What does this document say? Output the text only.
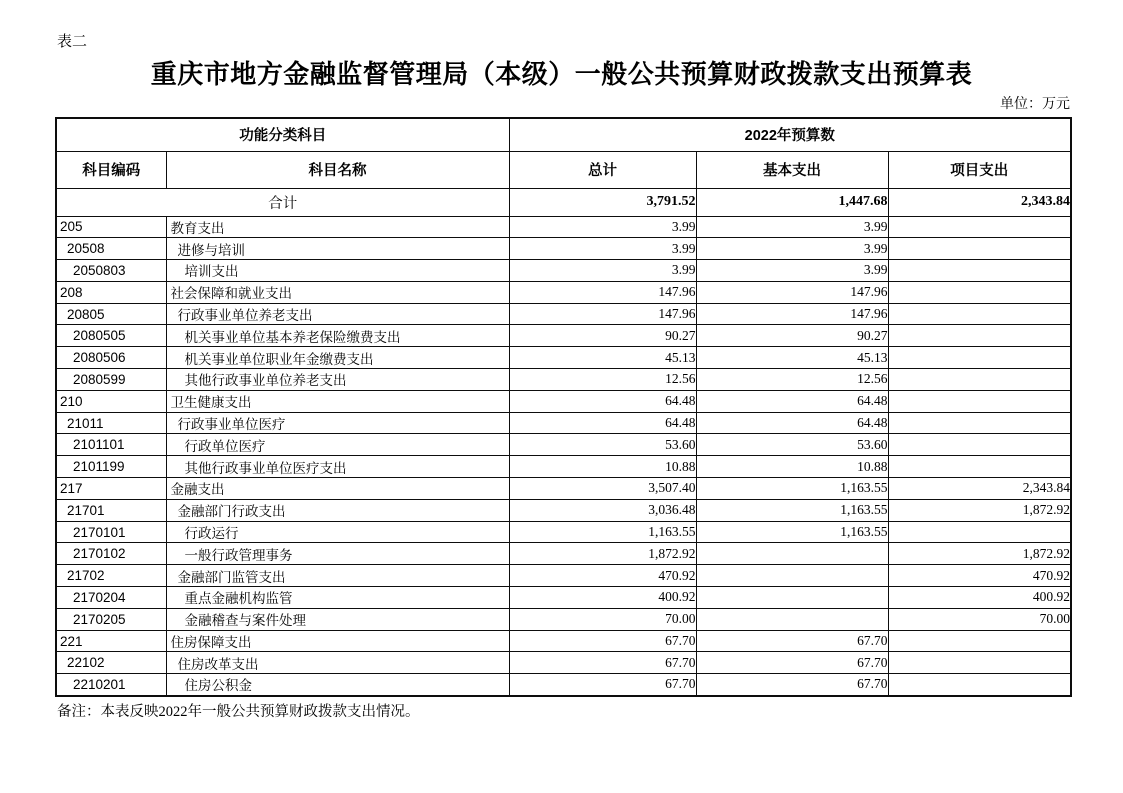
表二
重庆市地方金融监督管理局（本级）一般公共预算财政拨款支出预算表
单位：万元
功能分类科目		2022年预算数		
科目编码	科目名称	总计	基本支出	项目支出
合计		3,791.52	1,447.68	2,343.84
205	教育支出	3.99	3.99	
20508	进修与培训	3.99	3.99	
2050803	培训支出	3.99	3.99	
208	社会保障和就业支出	147.96	147.96	
20805	行政事业单位养老支出	147.96	147.96	
2080505	机关事业单位基本养老保险缴费支出	90.27	90.27	
2080506	机关事业单位职业年金缴费支出	45.13	45.13	
2080599	其他行政事业单位养老支出	12.56	12.56	
210	卫生健康支出	64.48	64.48	
21011	行政事业单位医疗	64.48	64.48	
2101101	行政单位医疗	53.60	53.60	
2101199	其他行政事业单位医疗支出	10.88	10.88	
217	金融支出	3,507.40	1,163.55	2,343.84
21701	金融部门行政支出	3,036.48	1,163.55	1,872.92
2170101	行政运行	1,163.55	1,163.55	
2170102	一般行政管理事务	1,872.92		1,872.92
21702	金融部门监管支出	470.92		470.92
2170204	重点金融机构监管	400.92		400.92
2170205	金融稽查与案件处理	70.00		70.00
221	住房保障支出	67.70	67.70	
22102	住房改革支出	67.70	67.70	
2210201	住房公积金	67.70	67.70	
备注：本表反映2022年一般公共预算财政拨款支出情况。
